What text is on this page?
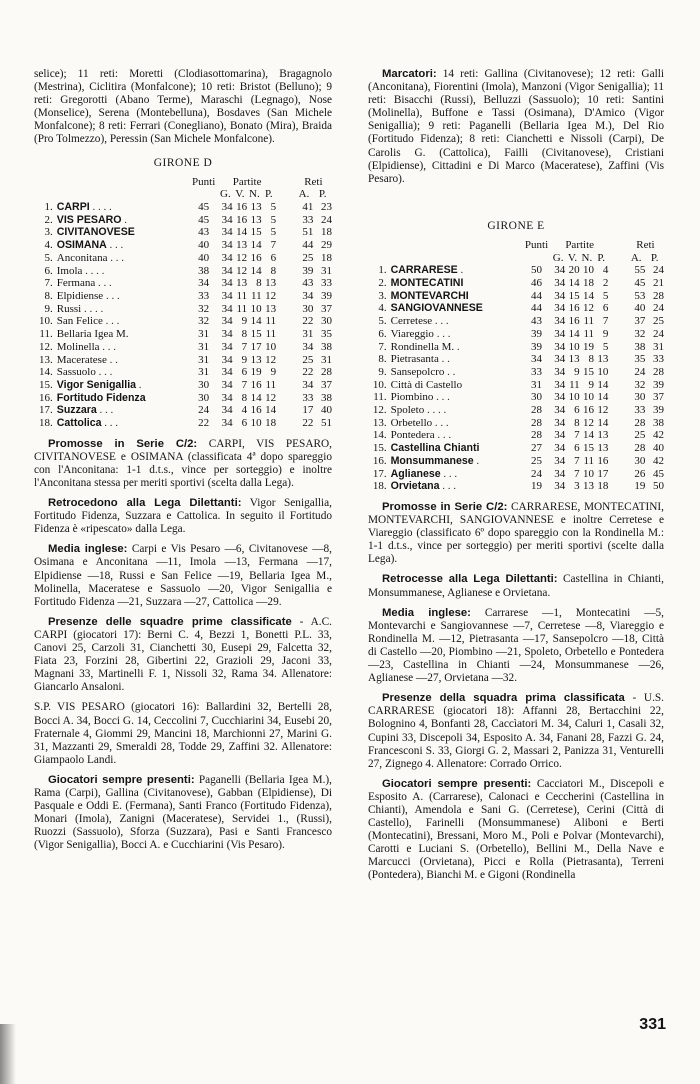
selice); 11 reti: Moretti (Clodiasottomarina), Bragagnolo (Mestrina), Ciclitira (Monfalcone); 10 reti: Bristot (Belluno); 9 reti: Gregorotti (Abano Terme), Maraschi (Legnago), Nose (Monselice), Serena (Montebelluna), Bosdaves (San Michele Monfalcone); 8 reti: Ferrari (Conegliano), Bonato (Mira), Braida (Pro Tolmezzo), Peressin (San Michele Monfalcone).

GIRONE D
		Punti	Partite					Reti	
			G.	V.	N.	P.		A.	P.
1.	CARPI . . . .	45	34	16	13	5		41	23
2.	VIS PESARO .	45	34	16	13	5		33	24
3.	CIVITANOVESE	43	34	14	15	5		51	18
4.	OSIMANA . . .	40	34	13	14	7		44	29
5.	Anconitana . . .	40	34	12	16	6		25	18
6.	Imola . . . .	38	34	12	14	8		39	31
7.	Fermana . . .	34	34	13	8	13		43	33
8.	Elpidiense . . .	33	34	11	11	12		34	39
9.	Russi . . . .	32	34	11	10	13		30	37
10.	San Felice . . .	32	34	9	14	11		22	30
11.	Bellaria Igea M.	31	34	8	15	11		31	35
12.	Molinella . . .	31	34	7	17	10		34	38
13.	Maceratese . .	31	34	9	13	12		25	31
14.	Sassuolo . . .	31	34	6	19	9		22	28
15.	Vigor Senigallia .	30	34	7	16	11		34	37
16.	Fortitudo Fidenza	30	34	8	14	12		33	38
17.	Suzzara . . .	24	34	4	16	14		17	40
18.	Cattolica . . .	22	34	6	10	18		22	51

Promosse in Serie C/2: CARPI, VIS PESARO, CIVITANOVESE e OSIMANA (classificata 4ª dopo spareggio con l'Anconitana: 1-1 d.t.s., vince per sorteggio) e inoltre l'Anconitana stessa per meriti sportivi (scelta dalla Lega).

Retrocedono alla Lega Dilettanti: Vigor Senigallia, Fortitudo Fidenza, Suzzara e Cattolica. In seguito il Fortitudo Fidenza è «ripescato» dalla Lega.

Media inglese: Carpi e Vis Pesaro —6, Civitanovese —8, Osimana e Anconitana —11, Imola —13, Fermana —17, Elpidiense —18, Russi e San Felice —19, Bellaria Igea M., Molinella, Maceratese e Sassuolo —20, Vigor Senigallia e Fortitudo Fidenza —21, Suzzara —27, Cattolica —29.

Presenze delle squadre prime classificate - A.C. CARPI (giocatori 17): Berni C. 4, Bezzi 1, Bonetti P.L. 33, Canovi 25, Carzoli 31, Cianchetti 30, Eusepi 29, Falcetta 32, Fiata 23, Forzini 28, Gibertini 22, Grazioli 29, Jaconi 33, Magnani 33, Martinelli F. 1, Nissoli 32, Rama 34. Allenatore: Giancarlo Ansaloni.

S.P. VIS PESARO (giocatori 16): Ballardini 32, Bertelli 28, Bocci A. 34, Bocci G. 14, Ceccolini 7, Cucchiarini 34, Eusebi 20, Fraternale 4, Giommi 29, Mancini 18, Marchionni 27, Marini G. 31, Mazzanti 29, Smeraldi 28, Todde 29, Zaffini 32. Allenatore: Giampaolo Landi.

Giocatori sempre presenti: Paganelli (Bellaria Igea M.), Rama (Carpi), Gallina (Civitanovese), Gabban (Elpidiense), Di Pasquale e Oddi E. (Fermana), Santi Franco (Fortitudo Fidenza), Monari (Imola), Zanigni (Maceratese), Servidei 1., (Russi), Ruozzi (Sassuolo), Sforza (Suzzara), Pasi e Santi Francesco (Vigor Senigallia), Bocci A. e Cucchiarini (Vis Pesaro).

Marcatori: 14 reti: Gallina (Civitanovese); 12 reti: Galli (Anconitana), Fiorentini (Imola), Manzoni (Vigor Senigallia); 11 reti: Bisacchi (Russi), Belluzzi (Sassuolo); 10 reti: Santini (Molinella), Buffone e Tassi (Osimana), D'Amico (Vigor Senigallia); 9 reti: Paganelli (Bellaria Igea M.), Del Rio (Fortitudo Fidenza); 8 reti: Cianchetti e Nissoli (Carpi), De Carolis G. (Cattolica), Failli (Civitanovese), Cristiani (Elpidiense), Cittadini e Di Marco (Maceratese), Zaffini (Vis Pesaro).

GIRONE E
		Punti	Partite					Reti	
			G.	V.	N.	P.		A.	P.
1.	CARRARESE .	50	34	20	10	4		55	24
2.	MONTECATINI	46	34	14	18	2		45	21
3.	MONTEVARCHI	44	34	15	14	5		53	28
4.	SANGIOVANNESE	44	34	16	12	6		40	24
5.	Cerretese . . .	43	34	16	11	7		37	25
6.	Viareggio . . .	39	34	14	11	9		32	24
7.	Rondinella M. .	39	34	10	19	5		38	31
8.	Pietrasanta . .	34	34	13	8	13		35	33
9.	Sansepolcro . .	33	34	9	15	10		24	28
10.	Città di Castello	31	34	11	9	14		32	39
11.	Piombino . . .	30	34	10	10	14		30	37
12.	Spoleto . . . .	28	34	6	16	12		33	39
13.	Orbetello . . .	28	34	8	12	14		28	38
14.	Pontedera . . .	28	34	7	14	13		25	42
15.	Castellina Chianti	27	34	6	15	13		28	40
16.	Monsummanese .	25	34	7	11	16		30	42
17.	Aglianese . . .	24	34	7	10	17		26	45
18.	Orvietana . . .	19	34	3	13	18		19	50

Promosse in Serie C/2: CARRARESE, MONTECATINI, MONTEVARCHI, SANGIOVANNESE e inoltre Cerretese e Viareggio (classificato 6º dopo spareggio con la Rondinella M.: 1-1 d.t.s., vince per sorteggio) per meriti sportivi (scelte dalla Lega).

Retrocesse alla Lega Dilettanti: Castellina in Chianti, Monsummanese, Aglianese e Orvietana.

Media inglese: Carrarese —1, Montecatini —5, Montevarchi e Sangiovannese —7, Cerretese —8, Viareggio e Rondinella M. —12, Pietrasanta —17, Sansepolcro —18, Città di Castello —20, Piombino —21, Spoleto, Orbetello e Pontedera —23, Castellina in Chianti —24, Monsummanese —26, Aglianese —27, Orvietana —32.

Presenze della squadra prima classificata - U.S. CARRARESE (giocatori 18): Affanni 28, Bertacchini 22, Bolognino 4, Bonfanti 28, Caccìatori M. 34, Caluri 1, Casali 32, Cupini 33, Discepoli 34, Esposito A. 34, Fanani 28, Fazzi G. 24, Francesconi S. 33, Giorgi G. 2, Massari 2, Panizza 31, Venturelli 27, Zignego 4. Allenatore: Corrado Orrico.

Giocatori sempre presenti: Cacciatori M., Discepoli e Esposito A. (Carrarese), Calonaci e Ceccherini (Castellina in Chianti), Amendola e Sani G. (Cerretese), Cerini (Città di Castello), Farinelli (Monsummanese) Aliboni e Berti (Montecatini), Bressani, Moro M., Poli e Polvar (Montevarchi), Carotti e Luciani S. (Orbetello), Bellini M., Della Nave e Marcucci (Orvietana), Picci e Rolla (Pietrasanta), Terreni (Pontedera), Bianchi M. e Gigoni (Rondinella

331
